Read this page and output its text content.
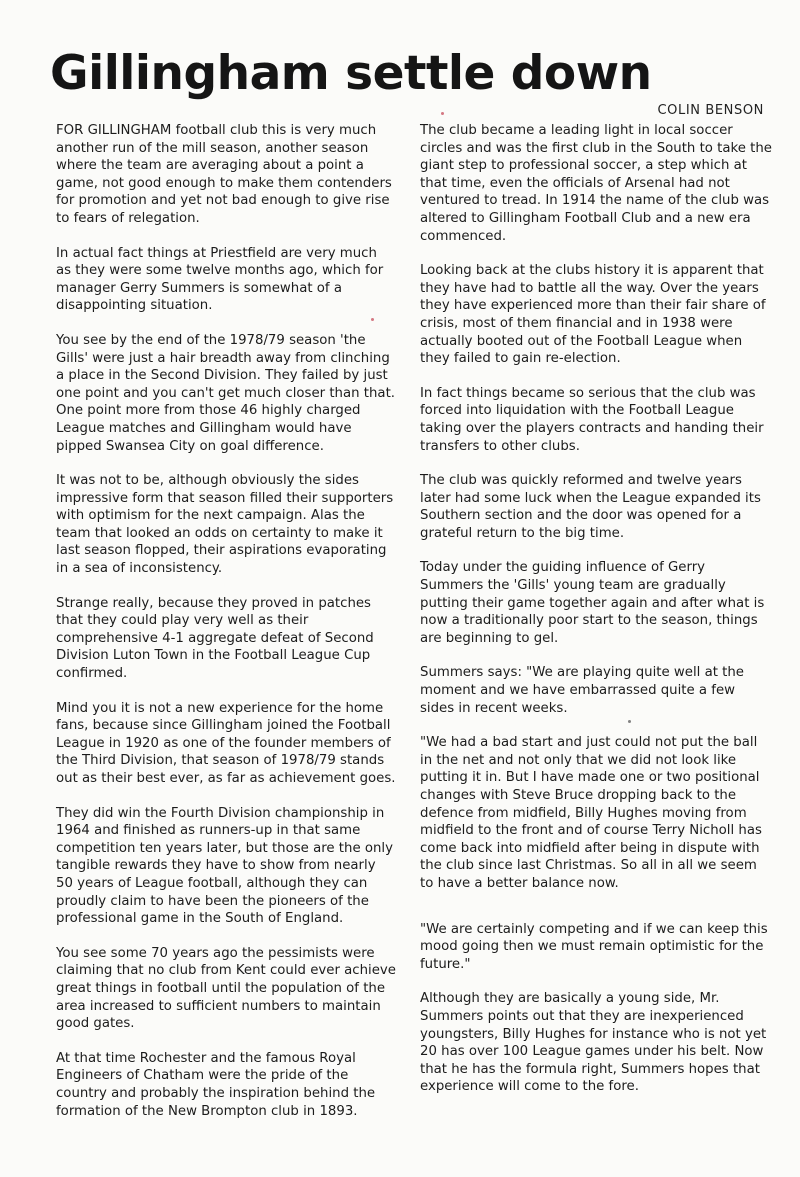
Gillingham settle down
COLIN BENSON

FOR GILLINGHAM football club this is very much another run of the mill season, another season where the team are averaging about a point a game, not good enough to make them contenders for promotion and yet not bad enough to give rise to fears of relegation.

In actual fact things at Priestfield are very much as they were some twelve months ago, which for manager Gerry Summers is somewhat of a disappointing situation.

You see by the end of the 1978/79 season 'the Gills' were just a hair breadth away from clinching a place in the Second Division. They failed by just one point and you can't get much closer than that. One point more from those 46 highly charged League matches and Gillingham would have pipped Swansea City on goal difference.

It was not to be, although obviously the sides impressive form that season filled their supporters with optimism for the next campaign. Alas the team that looked an odds on certainty to make it last season flopped, their aspirations evaporating in a sea of inconsistency.

Strange really, because they proved in patches that they could play very well as their comprehensive 4-1 aggregate defeat of Second Division Luton Town in the Football League Cup confirmed.

Mind you it is not a new experience for the home fans, because since Gillingham joined the Football League in 1920 as one of the founder members of the Third Division, that season of 1978/79 stands out as their best ever, as far as achievement goes.

They did win the Fourth Division championship in 1964 and finished as runners-up in that same competition ten years later, but those are the only tangible rewards they have to show from nearly 50 years of League football, although they can proudly claim to have been the pioneers of the professional game in the South of England.

You see some 70 years ago the pessimists were claiming that no club from Kent could ever achieve great things in football until the population of the area increased to sufficient numbers to maintain good gates.

At that time Rochester and the famous Royal Engineers of Chatham were the pride of the country and probably the inspiration behind the formation of the New Brompton club in 1893.

The club became a leading light in local soccer circles and was the first club in the South to take the giant step to professional soccer, a step which at that time, even the officials of Arsenal had not ventured to tread. In 1914 the name of the club was altered to Gillingham Football Club and a new era commenced.

Looking back at the clubs history it is apparent that they have had to battle all the way. Over the years they have experienced more than their fair share of crisis, most of them financial and in 1938 were actually booted out of the Football League when they failed to gain re-election.

In fact things became so serious that the club was forced into liquidation with the Football League taking over the players contracts and handing their transfers to other clubs.

The club was quickly reformed and twelve years later had some luck when the League expanded its Southern section and the door was opened for a grateful return to the big time.

Today under the guiding influence of Gerry Summers the 'Gills' young team are gradually putting their game together again and after what is now a traditionally poor start to the season, things are beginning to gel.

Summers says: "We are playing quite well at the moment and we have embarrassed quite a few sides in recent weeks.

"We had a bad start and just could not put the ball in the net and not only that we did not look like putting it in. But I have made one or two positional changes with Steve Bruce dropping back to the defence from midfield, Billy Hughes moving from midfield to the front and of course Terry Nicholl has come back into midfield after being in dispute with the club since last Christmas. So all in all we seem to have a better balance now.

"We are certainly competing and if we can keep this mood going then we must remain optimistic for the future."

Although they are basically a young side, Mr. Summers points out that they are inexperienced youngsters, Billy Hughes for instance who is not yet 20 has over 100 League games under his belt. Now that he has the formula right, Summers hopes that experience will come to the fore.
